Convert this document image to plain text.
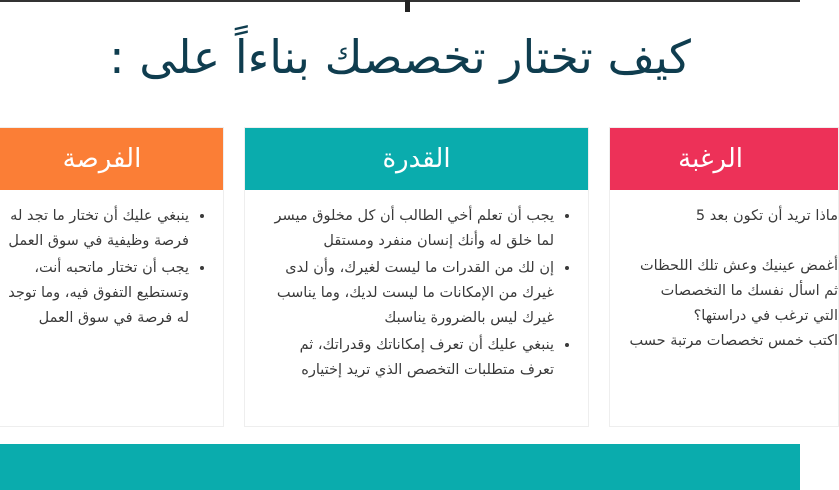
كيف تختار تخصصك بناءاً على :
الفرصة
• ينبغي عليك أن تختار ما تجد له فرصة وظيفية في سوق العمل
• يجب أن تختار ماتحبه أنت، وتستطيع التفوق فيه، وما توجد له فرصة في سوق العمل
القدرة
• يجب أن تعلم أخي الطالب أن كل مخلوق ميسر لما خلق له وأنك إنسان منفرد ومستقل
• إن لك من القدرات ما ليست لغيرك، وأن لدى غيرك من الإمكانات ما ليست لديك، وما يناسب غيرك ليس بالضرورة يناسبك
• ينبغي عليك أن تعرف إمكاناتك وقدراتك، ثم تعرف متطلبات التخصص الذي تريد إختياره
الرغبة

ماذا تريد أن تكون بعد 5

أغمض عينيك وعش تلك اللحظات

ثم اسأل نفسك ما التخصصات

التي ترغب في دراستها؟

اكتب خمس تخصصات مرتبة حسب
